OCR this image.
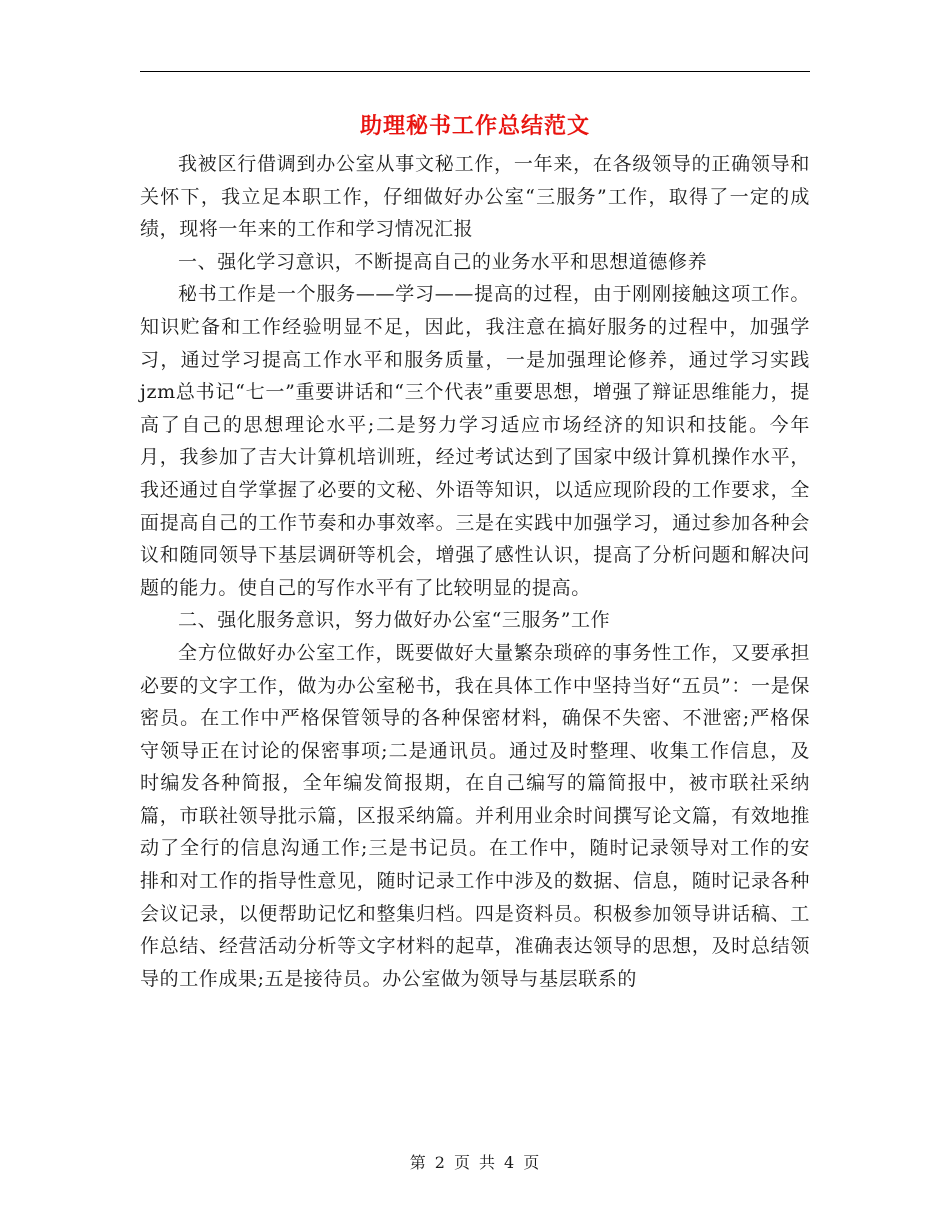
助理秘书工作总结范文

我被区行借调到办公室从事文秘工作，一年来，在各级领导的正确领导和关怀下，我立足本职工作，仔细做好办公室“三服务”工作，取得了一定的成绩，现将一年来的工作和学习情况汇报

一、强化学习意识，不断提高自己的业务水平和思想道德修养

秘书工作是一个服务——学习——提高的过程，由于刚刚接触这项工作。知识贮备和工作经验明显不足，因此，我注意在搞好服务的过程中，加强学习，通过学习提高工作水平和服务质量，一是加强理论修养，通过学习实践jzm总书记“七一”重要讲话和“三个代表”重要思想，增强了辩证思维能力，提高了自己的思想理论水平;二是努力学习适应市场经济的知识和技能。今年月，我参加了吉大计算机培训班，经过考试达到了国家中级计算机操作水平，我还通过自学掌握了必要的文秘、外语等知识，以适应现阶段的工作要求，全面提高自己的工作节奏和办事效率。三是在实践中加强学习，通过参加各种会议和随同领导下基层调研等机会，增强了感性认识，提高了分析问题和解决问题的能力。使自己的写作水平有了比较明显的提高。

二、强化服务意识，努力做好办公室“三服务”工作

全方位做好办公室工作，既要做好大量繁杂琐碎的事务性工作，又要承担必要的文字工作，做为办公室秘书，我在具体工作中坚持当好“五员”：一是保密员。在工作中严格保管领导的各种保密材料，确保不失密、不泄密;严格保守领导正在讨论的保密事项;二是通讯员。通过及时整理、收集工作信息，及时编发各种简报，全年编发简报期，在自己编写的篇简报中，被市联社采纳篇，市联社领导批示篇，区报采纳篇。并利用业余时间撰写论文篇，有效地推动了全行的信息沟通工作;三是书记员。在工作中，随时记录领导对工作的安排和对工作的指导性意见，随时记录工作中涉及的数据、信息，随时记录各种会议记录，以便帮助记忆和整集归档。四是资料员。积极参加领导讲话稿、工作总结、经营活动分析等文字材料的起草，准确表达领导的思想，及时总结领导的工作成果;五是接待员。办公室做为领导与基层联系的

第 2 页 共 4 页
